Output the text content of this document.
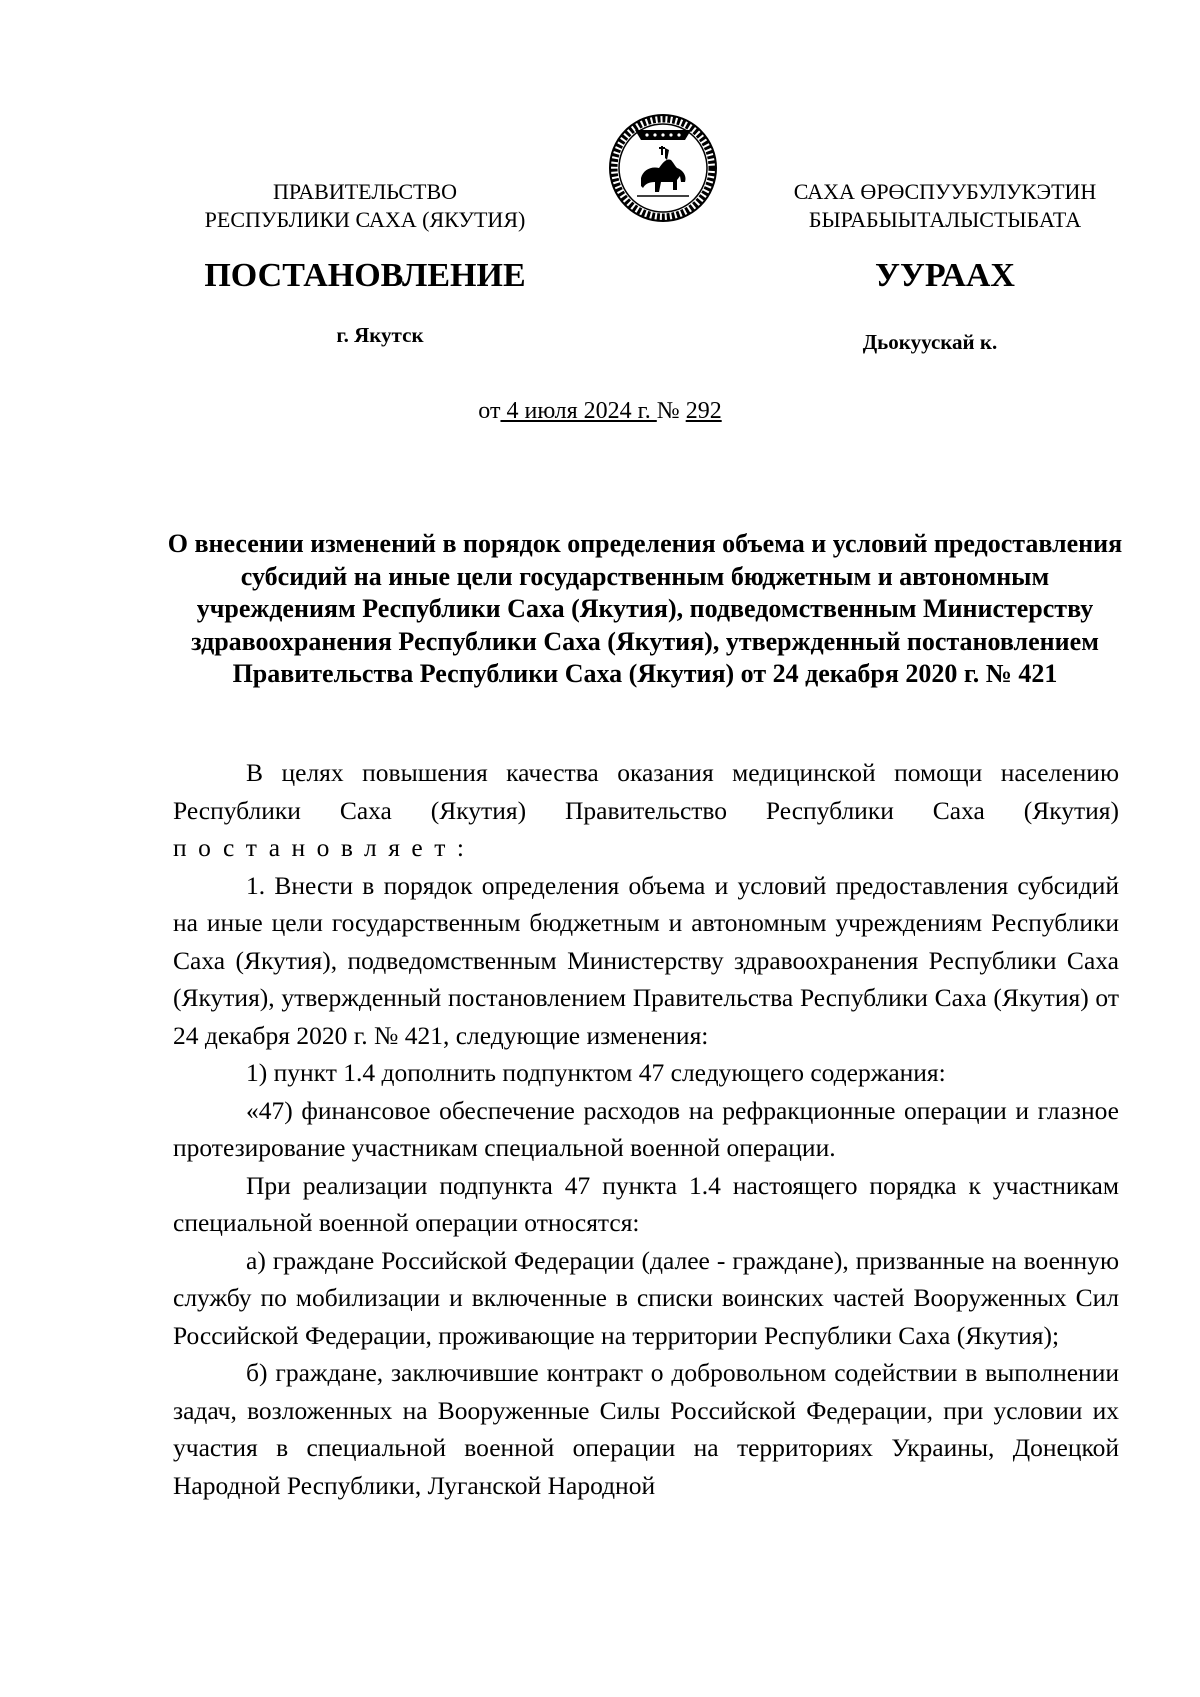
ПРАВИТЕЛЬСТВО
РЕСПУБЛИКИ САХА (ЯКУТИЯ)
САХА ӨРӨСПУУБУЛУКЭТИН
БЫРАБЫЫТАЛЫСТЫБАТА
ПОСТАНОВЛЕНИЕ	УУРААХ
г. Якутск	Дьокуускай к.
от 4 июля 2024 г. № 292
О внесении изменений в порядок определения объема и условий предоставления субсидий на иные цели государственным бюджетным и автономным учреждениям Республики Саха (Якутия), подведомственным Министерству здравоохранения Республики Саха (Якутия), утвержденный постановлением Правительства Республики Саха (Якутия) от 24 декабря 2020 г. № 421

В целях повышения качества оказания медицинской помощи населению Республики Саха (Якутия) Правительство Республики Саха (Якутия) постановляет:

1. Внести в порядок определения объема и условий предоставления субсидий на иные цели государственным бюджетным и автономным учреждениям Республики Саха (Якутия), подведомственным Министерству здравоохранения Республики Саха (Якутия), утвержденный постановлением Правительства Республики Саха (Якутия) от 24 декабря 2020 г. № 421, следующие изменения:

1) пункт 1.4 дополнить подпунктом 47 следующего содержания:

«47) финансовое обеспечение расходов на рефракционные операции и глазное протезирование участникам специальной военной операции.

При реализации подпункта 47 пункта 1.4 настоящего порядка к участникам специальной военной операции относятся:

а) граждане Российской Федерации (далее - граждане), призванные на военную службу по мобилизации и включенные в списки воинских частей Вооруженных Сил Российской Федерации, проживающие на территории Республики Саха (Якутия);

б) граждане, заключившие контракт о добровольном содействии в выполнении задач, возложенных на Вооруженные Силы Российской Федерации, при условии их участия в специальной военной операции на территориях Украины, Донецкой Народной Республики, Луганской Народной
